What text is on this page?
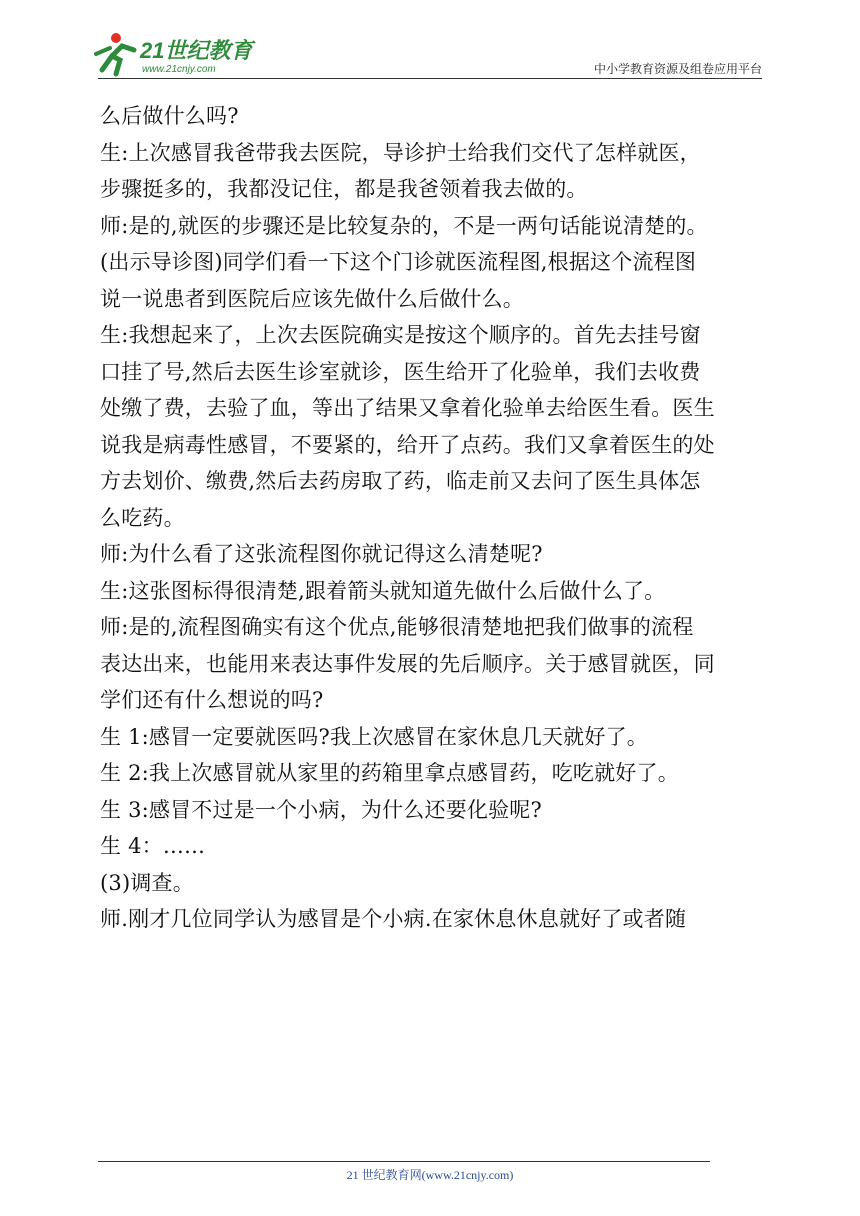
21世纪教育
www.21cnjy.com	中小学教育资源及组卷应用平台
么后做什么吗?
生:上次感冒我爸带我去医院，导诊护士给我们交代了怎样就医，
步骤挺多的，我都没记住，都是我爸领着我去做的。
师:是的,就医的步骤还是比较复杂的，不是一两句话能说清楚的。
(出示导诊图)同学们看一下这个门诊就医流程图,根据这个流程图
说一说患者到医院后应该先做什么后做什么。
生:我想起来了，上次去医院确实是按这个顺序的。首先去挂号窗
口挂了号,然后去医生诊室就诊，医生给开了化验单，我们去收费
处缴了费，去验了血，等出了结果又拿着化验单去给医生看。医生
说我是病毒性感冒，不要紧的，给开了点药。我们又拿着医生的处
方去划价、缴费,然后去药房取了药，临走前又去问了医生具体怎
么吃药。
师:为什么看了这张流程图你就记得这么清楚呢?
生:这张图标得很清楚,跟着箭头就知道先做什么后做什么了。
师:是的,流程图确实有这个优点,能够很清楚地把我们做事的流程
表达出来，也能用来表达事件发展的先后顺序。关于感冒就医，同
学们还有什么想说的吗?
生 1:感冒一定要就医吗?我上次感冒在家休息几天就好了。
生 2:我上次感冒就从家里的药箱里拿点感冒药，吃吃就好了。
生 3:感冒不过是一个小病，为什么还要化验呢?
生 4：……
(3)调查。
师.刚才几位同学认为感冒是个小病.在家休息休息就好了或者随
21 世纪教育网(www.21cnjy.com)
